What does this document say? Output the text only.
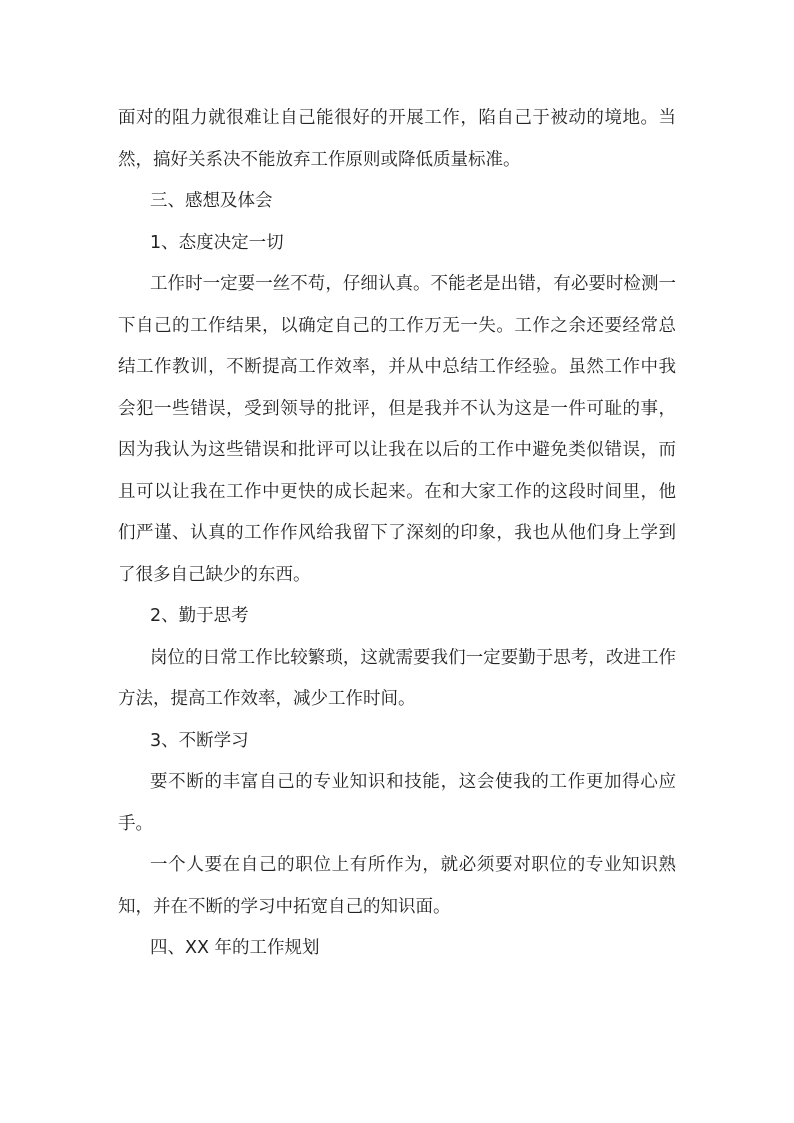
面对的阻力就很难让自己能很好的开展工作，陷自己于被动的境地。当然，搞好关系决不能放弃工作原则或降低质量标准。

三、感想及体会

1、态度决定一切

工作时一定要一丝不苟，仔细认真。不能老是出错，有必要时检测一下自己的工作结果，以确定自己的工作万无一失。工作之余还要经常总结工作教训，不断提高工作效率，并从中总结工作经验。虽然工作中我会犯一些错误，受到领导的批评，但是我并不认为这是一件可耻的事，因为我认为这些错误和批评可以让我在以后的工作中避免类似错误，而且可以让我在工作中更快的成长起来。在和大家工作的这段时间里，他们严谨、认真的工作作风给我留下了深刻的印象，我也从他们身上学到了很多自己缺少的东西。

2、勤于思考

岗位的日常工作比较繁琐，这就需要我们一定要勤于思考，改进工作方法，提高工作效率，减少工作时间。

3、不断学习

要不断的丰富自己的专业知识和技能，这会使我的工作更加得心应手。

一个人要在自己的职位上有所作为，就必须要对职位的专业知识熟知，并在不断的学习中拓宽自己的知识面。

四、XX 年的工作规划
